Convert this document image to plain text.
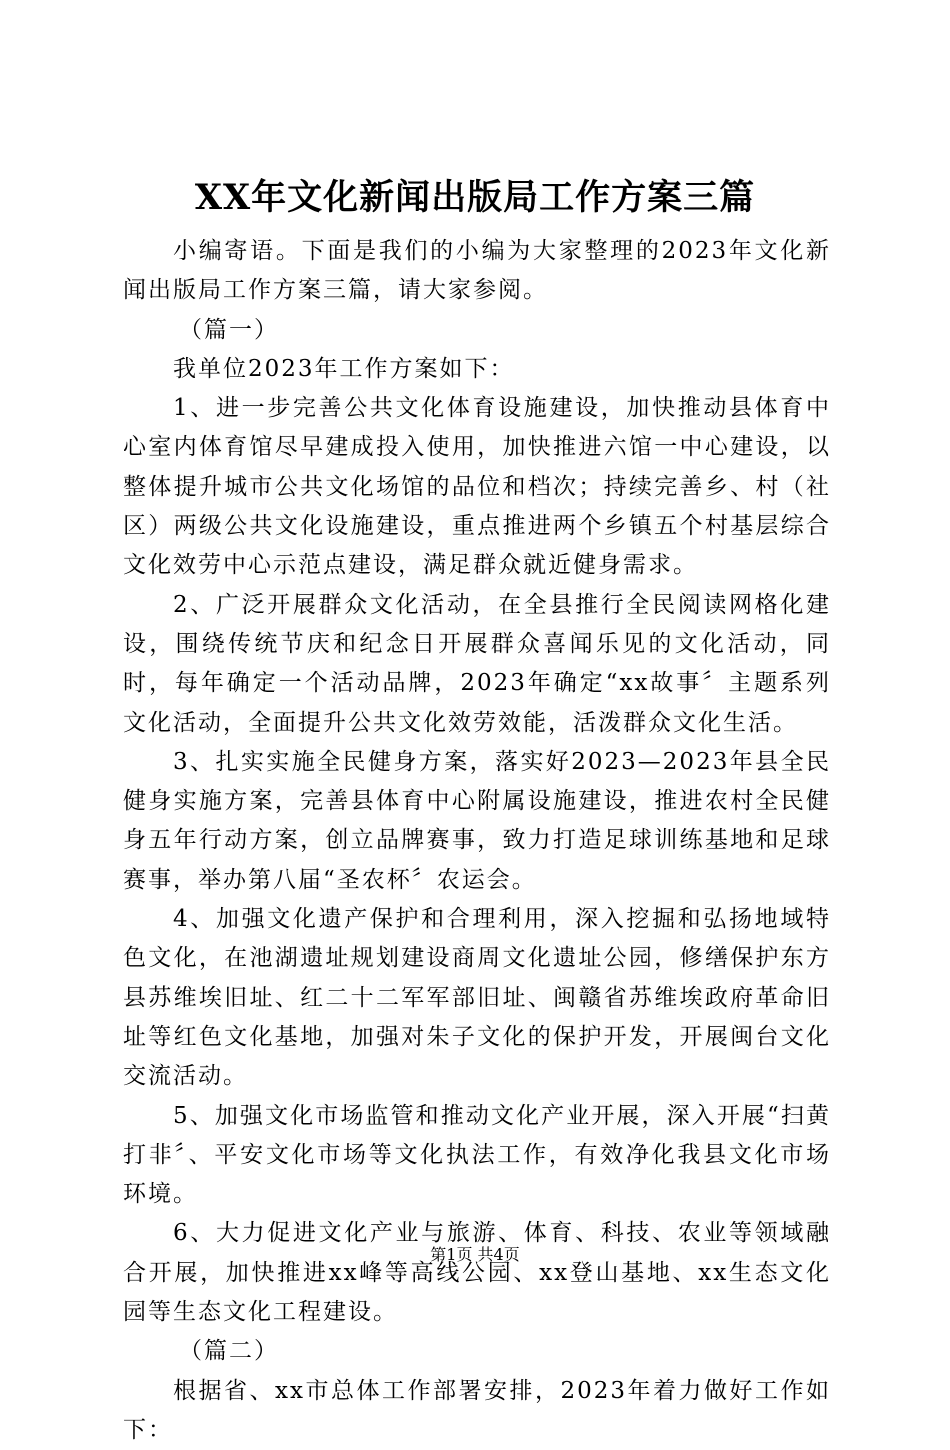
XX年文化新闻出版局工作方案三篇

小编寄语。下面是我们的小编为大家整理的2023年文化新闻出版局工作方案三篇，请大家参阅。

（篇一）

我单位2023年工作方案如下：

1、进一步完善公共文化体育设施建设，加快推动县体育中心室内体育馆尽早建成投入使用，加快推进六馆一中心建设，以整体提升城市公共文化场馆的品位和档次；持续完善乡、村（社区）两级公共文化设施建设，重点推进两个乡镇五个村基层综合文化效劳中心示范点建设，满足群众就近健身需求。

2、广泛开展群众文化活动，在全县推行全民阅读网格化建设，围绕传统节庆和纪念日开展群众喜闻乐见的文化活动，同时，每年确定一个活动品牌，2023年确定“xx故事〞主题系列文化活动，全面提升公共文化效劳效能，活泼群众文化生活。

3、扎实实施全民健身方案，落实好2023—2023年县全民健身实施方案，完善县体育中心附属设施建设，推进农村全民健身五年行动方案，创立品牌赛事，致力打造足球训练基地和足球赛事，举办第八届“圣农杯〞农运会。

4、加强文化遗产保护和合理利用，深入挖掘和弘扬地域特色文化，在池湖遗址规划建设商周文化遗址公园，修缮保护东方县苏维埃旧址、红二十二军军部旧址、闽赣省苏维埃政府革命旧址等红色文化基地，加强对朱子文化的保护开发，开展闽台文化交流活动。

5、加强文化市场监管和推动文化产业开展，深入开展“扫黄打非〞、平安文化市场等文化执法工作，有效净化我县文化市场环境。

6、大力促进文化产业与旅游、体育、科技、农业等领域融合开展，加快推进xx峰等高线公园、xx登山基地、xx生态文化园等生态文化工程建设。

（篇二）

根据省、xx市总体工作部署安排，2023年着力做好工作如下：

第1页 共4页
